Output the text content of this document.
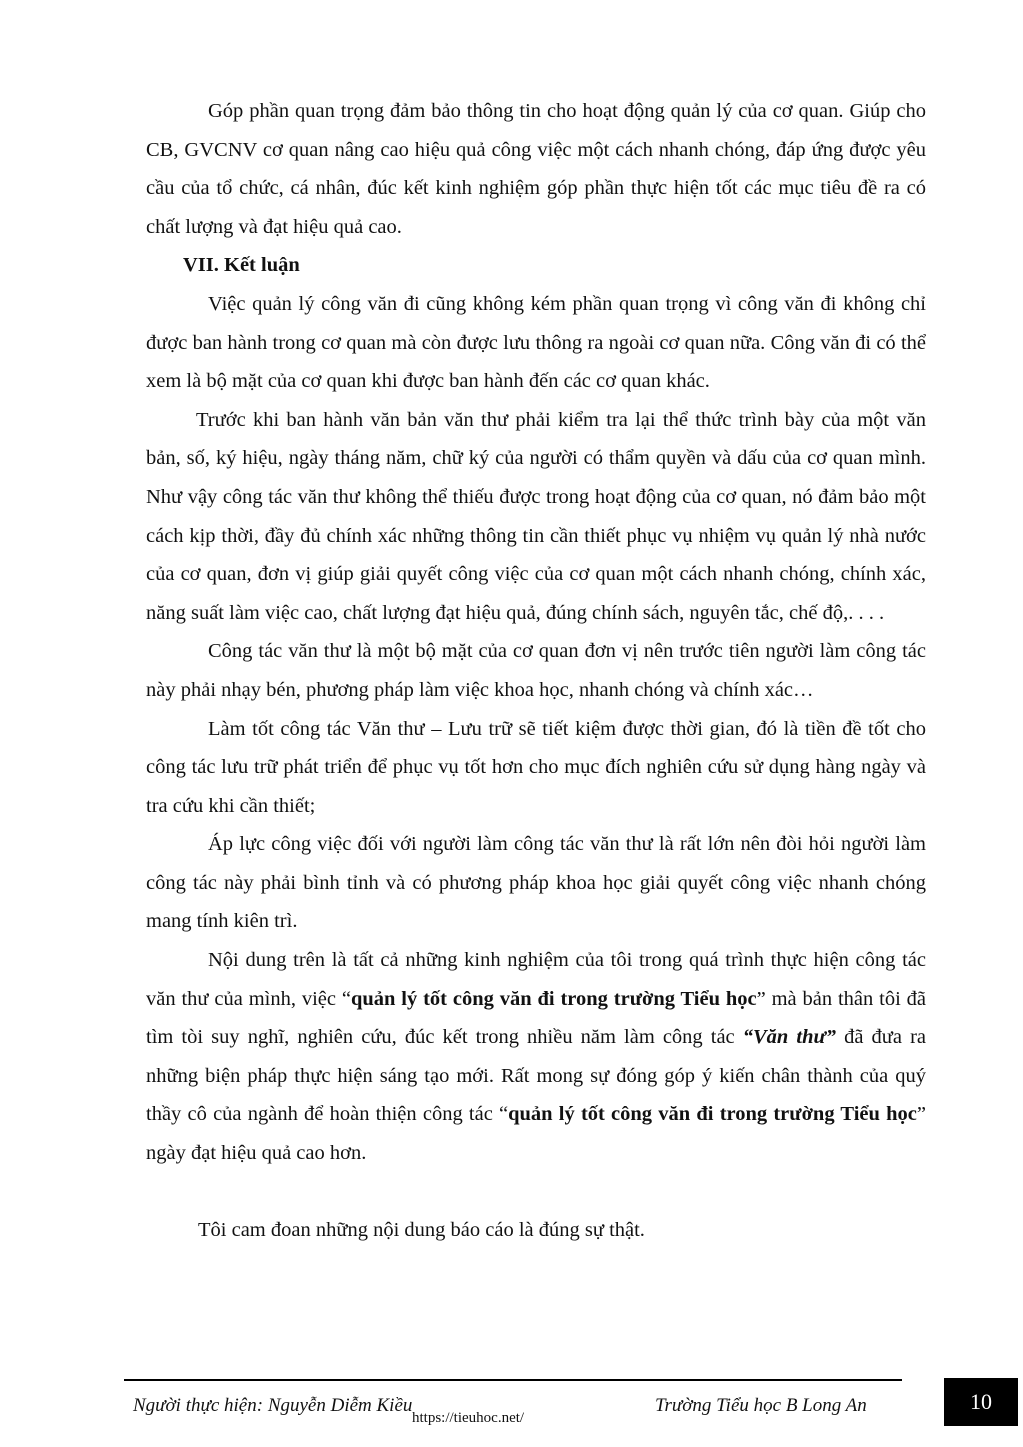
Góp phần quan trọng đảm bảo thông tin cho hoạt động quản lý của cơ quan. Giúp cho CB, GVCNV cơ quan nâng cao hiệu quả công việc một cách nhanh chóng, đáp ứng được yêu cầu của tổ chức, cá nhân, đúc kết kinh nghiệm góp phần thực hiện tốt các mục tiêu đề ra có chất lượng và đạt hiệu quả cao.

VII. Kết luận

Việc quản lý công văn đi cũng không kém phần quan trọng vì công văn đi không chỉ được ban hành trong cơ quan mà còn được lưu thông ra ngoài cơ quan nữa. Công văn đi có thể xem là bộ mặt của cơ quan khi được ban hành đến các cơ quan khác.

Trước khi ban hành văn bản văn thư phải kiểm tra lại thể thức trình bày của một văn bản, số, ký hiệu, ngày tháng năm, chữ ký của người có thẩm quyền và dấu của cơ quan mình. Như vậy công tác văn thư không thể thiếu được trong hoạt động của cơ quan, nó đảm bảo một cách kịp thời, đầy đủ chính xác những thông tin cần thiết phục vụ nhiệm vụ quản lý nhà nước của cơ quan, đơn vị giúp giải quyết công việc của cơ quan một cách nhanh chóng, chính xác, năng suất làm việc cao, chất lượng đạt hiệu quả, đúng chính sách, nguyên tắc, chế độ,. . . .

Công tác văn thư là một bộ mặt của cơ quan đơn vị nên trước tiên người làm công tác này phải nhạy bén, phương pháp làm việc khoa học, nhanh chóng và chính xác…

Làm tốt công tác Văn thư – Lưu trữ sẽ tiết kiệm được thời gian, đó là tiền đề tốt cho công tác lưu trữ phát triển để phục vụ tốt hơn cho mục đích nghiên cứu sử dụng hàng ngày và tra cứu khi cần thiết;

Áp lực công việc đối với người làm công tác văn thư là rất lớn nên đòi hỏi người làm công tác này phải bình tỉnh và có phương pháp khoa học giải quyết công việc nhanh chóng mang tính kiên trì.

Nội dung trên là tất cả những kinh nghiệm của tôi trong quá trình thực hiện công tác văn thư của mình, việc “quản lý tốt công văn đi trong trường Tiểu học” mà bản thân tôi đã tìm tòi suy nghĩ, nghiên cứu, đúc kết trong nhiều năm làm công tác “Văn thư” đã đưa ra những biện pháp thực hiện sáng tạo mới. Rất mong sự đóng góp ý kiến chân thành của quý thầy cô của ngành để hoàn thiện công tác “quản lý tốt công văn đi trong trường Tiểu học” ngày đạt hiệu quả cao hơn.

Tôi cam đoan những nội dung báo cáo là đúng sự thật.

Người thực hiện: Nguyễn Diễm Kiều
https://tieuhoc.net/
Trường Tiểu học B Long An	10
